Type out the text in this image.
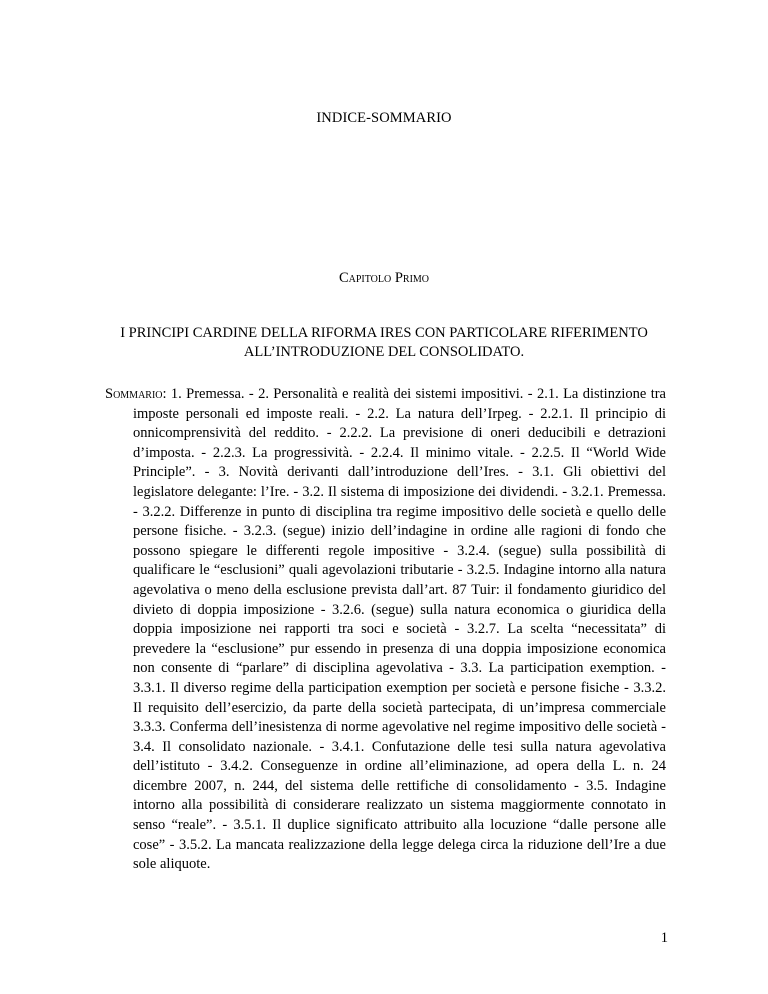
INDICE-SOMMARIO
Capitolo Primo
I PRINCIPI CARDINE DELLA RIFORMA IRES CON PARTICOLARE RIFERIMENTO ALL’INTRODUZIONE DEL CONSOLIDATO.
Sommario: 1. Premessa. - 2. Personalità e realità dei sistemi impositivi. - 2.1. La distinzione tra imposte personali ed imposte reali. - 2.2. La natura dell’Irpeg. - 2.2.1. Il principio di onnicomprensività del reddito. - 2.2.2. La previsione di oneri deducibili e detrazioni d’imposta. - 2.2.3. La progressività. - 2.2.4. Il minimo vitale. - 2.2.5. Il “World Wide Principle”. - 3. Novità derivanti dall’introduzione dell’Ires. - 3.1. Gli obiettivi del legislatore delegante: l’Ire. - 3.2. Il sistema di imposizione dei dividendi. - 3.2.1. Premessa. - 3.2.2. Differenze in punto di disciplina tra regime impositivo delle società e quello delle persone fisiche. - 3.2.3. (segue) inizio dell’indagine in ordine alle ragioni di fondo che possono spiegare le differenti regole impositive - 3.2.4. (segue) sulla possibilità di qualificare le “esclusioni” quali agevolazioni tributarie - 3.2.5. Indagine intorno alla natura agevolativa o meno della esclusione prevista dall’art. 87 Tuir: il fondamento giuridico del divieto di doppia imposizione - 3.2.6. (segue) sulla natura economica o giuridica della doppia imposizione nei rapporti tra soci e società - 3.2.7. La scelta “necessitata” di prevedere la “esclusione” pur essendo in presenza di una doppia imposizione economica non consente di “parlare” di disciplina agevolativa - 3.3. La participation exemption. - 3.3.1. Il diverso regime della participation exemption per società e persone fisiche - 3.3.2. Il requisito dell’esercizio, da parte della società partecipata, di un’impresa commerciale 3.3.3. Conferma dell’inesistenza di norme agevolative nel regime impositivo delle società - 3.4. Il consolidato nazionale. - 3.4.1. Confutazione delle tesi sulla natura agevolativa dell’istituto - 3.4.2. Conseguenze in ordine all’eliminazione, ad opera della L. n. 24 dicembre 2007, n. 244, del sistema delle rettifiche di consolidamento - 3.5. Indagine intorno alla possibilità di considerare realizzato un sistema maggiormente connotato in senso “reale”. - 3.5.1. Il duplice significato attribuito alla locuzione “dalle persone alle cose” - 3.5.2. La mancata realizzazione della legge delega circa la riduzione dell’Ire a due sole aliquote.
1
